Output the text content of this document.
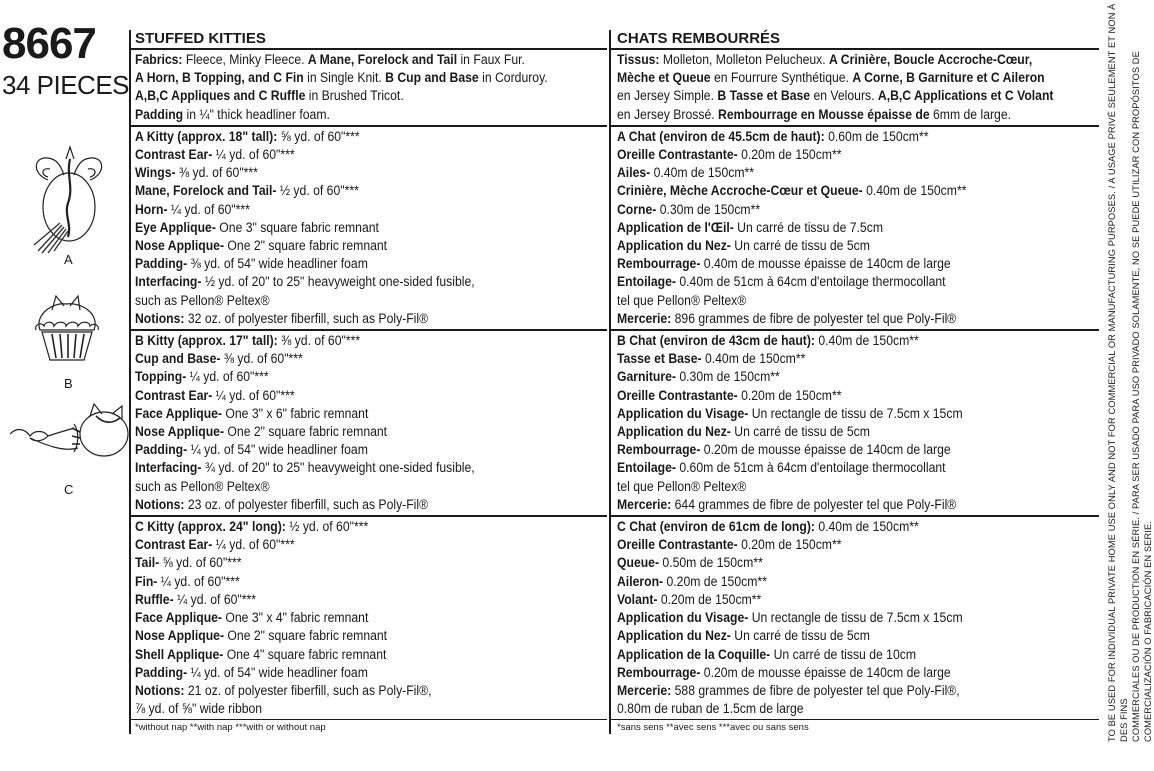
8667
34 PIECES
A
B
C
STUFFED KITTIES
Fabrics: Fleece, Minky Fleece. A Mane, Forelock and Tail in Faux Fur.
A Horn, B Topping, and C Fin in Single Knit. B Cup and Base in Corduroy.
A,B,C Appliques and C Ruffle in Brushed Tricot.
Padding in ¼" thick headliner foam.
A Kitty (approx. 18" tall): ⅝ yd. of 60"***
Contrast Ear- ¼ yd. of 60"***
Wings- ⅜ yd. of 60"***
Mane, Forelock and Tail- ½ yd. of 60"***
Horn- ¼ yd. of 60"***
Eye Applique- One 3" square fabric remnant
Nose Applique- One 2" square fabric remnant
Padding- ⅜ yd. of 54" wide headliner foam
Interfacing- ½ yd. of 20" to 25" heavyweight one-sided fusible,
such as Pellon® Peltex®
Notions: 32 oz. of polyester fiberfill, such as Poly-Fil®
B Kitty (approx. 17" tall): ⅜ yd. of 60"***
Cup and Base- ⅜ yd. of 60"***
Topping- ¼ yd. of 60"***
Contrast Ear- ¼ yd. of 60"***
Face Applique- One 3" x 6" fabric remnant
Nose Applique- One 2" square fabric remnant
Padding- ¼ yd. of 54" wide headliner foam
Interfacing- ¾ yd. of 20" to 25" heavyweight one-sided fusible,
such as Pellon® Peltex®
Notions: 23 oz. of polyester fiberfill, such as Poly-Fil®
C Kitty (approx. 24" long): ½ yd. of 60"***
Contrast Ear- ¼ yd. of 60"***
Tail- ⅝ yd. of 60"***
Fin- ¼ yd. of 60"***
Ruffle- ¼ yd. of 60"***
Face Applique- One 3" x 4" fabric remnant
Nose Applique- One 2" square fabric remnant
Shell Applique- One 4" square fabric remnant
Padding- ¼ yd. of 54" wide headliner foam
Notions: 21 oz. of polyester fiberfill, such as Poly-Fil®,
⅞ yd. of ⅝" wide ribbon
*without nap **with nap ***with or without nap
CHATS REMBOURRÉS
Tissus: Molleton, Molleton Pelucheux. A Crinière, Boucle Accroche-Cœur,
Mèche et Queue en Fourrure Synthétique. A Corne, B Garniture et C Aileron
en Jersey Simple. B Tasse et Base en Velours. A,B,C Applications et C Volant
en Jersey Brossé. Rembourrage en Mousse épaisse de 6mm de large.
A Chat (environ de 45.5cm de haut): 0.60m de 150cm**
Oreille Contrastante- 0.20m de 150cm**
Ailes- 0.40m de 150cm**
Crinière, Mèche Accroche-Cœur et Queue- 0.40m de 150cm**
Corne- 0.30m de 150cm**
Application de l'Œil- Un carré de tissu de 7.5cm
Application du Nez- Un carré de tissu de 5cm
Rembourrage- 0.40m de mousse épaisse de 140cm de large
Entoilage- 0.40m de 51cm à 64cm d'entoilage thermocollant
tel que Pellon® Peltex®
Mercerie: 896 grammes de fibre de polyester tel que Poly-Fil®
B Chat (environ de 43cm de haut): 0.40m de 150cm**
Tasse et Base- 0.40m de 150cm**
Garniture- 0.30m de 150cm**
Oreille Contrastante- 0.20m de 150cm**
Application du Visage- Un rectangle de tissu de 7.5cm x 15cm
Application du Nez- Un carré de tissu de 5cm
Rembourrage- 0.20m de mousse épaisse de 140cm de large
Entoilage- 0.60m de 51cm à 64cm d'entoilage thermocollant
tel que Pellon® Peltex®
Mercerie: 644 grammes de fibre de polyester tel que Poly-Fil®
C Chat (environ de 61cm de long): 0.40m de 150cm**
Oreille Contrastante- 0.20m de 150cm**
Queue- 0.50m de 150cm**
Aileron- 0.20m de 150cm**
Volant- 0.20m de 150cm**
Application du Visage- Un rectangle de tissu de 7.5cm x 15cm
Application du Nez- Un carré de tissu de 5cm
Application de la Coquille- Un carré de tissu de 10cm
Rembourrage- 0.20m de mousse épaisse de 140cm de large
Mercerie: 588 grammes de fibre de polyester tel que Poly-Fil®,
0.80m de ruban de 1.5cm de large
*sans sens **avec sens ***avec ou sans sens	TO BE USED FOR INDIVIDUAL PRIVATE HOME USE ONLY AND NOT FOR COMMERCIAL OR MANUFACTURING PURPOSES. / A USAGE PRIVÉ SEULEMENT ET NON À DES FINS COMMERCIALES OU DE PRODUCTION EN SÉRIE. / PARA SER USADO PARA USO PRIVADO SOLAMENTE, NO SE PUEDE UTILIZAR CON PROPÓSITOS DE COMERCIALIZACIÓN O FABRICACIÓN EN SERIE.
